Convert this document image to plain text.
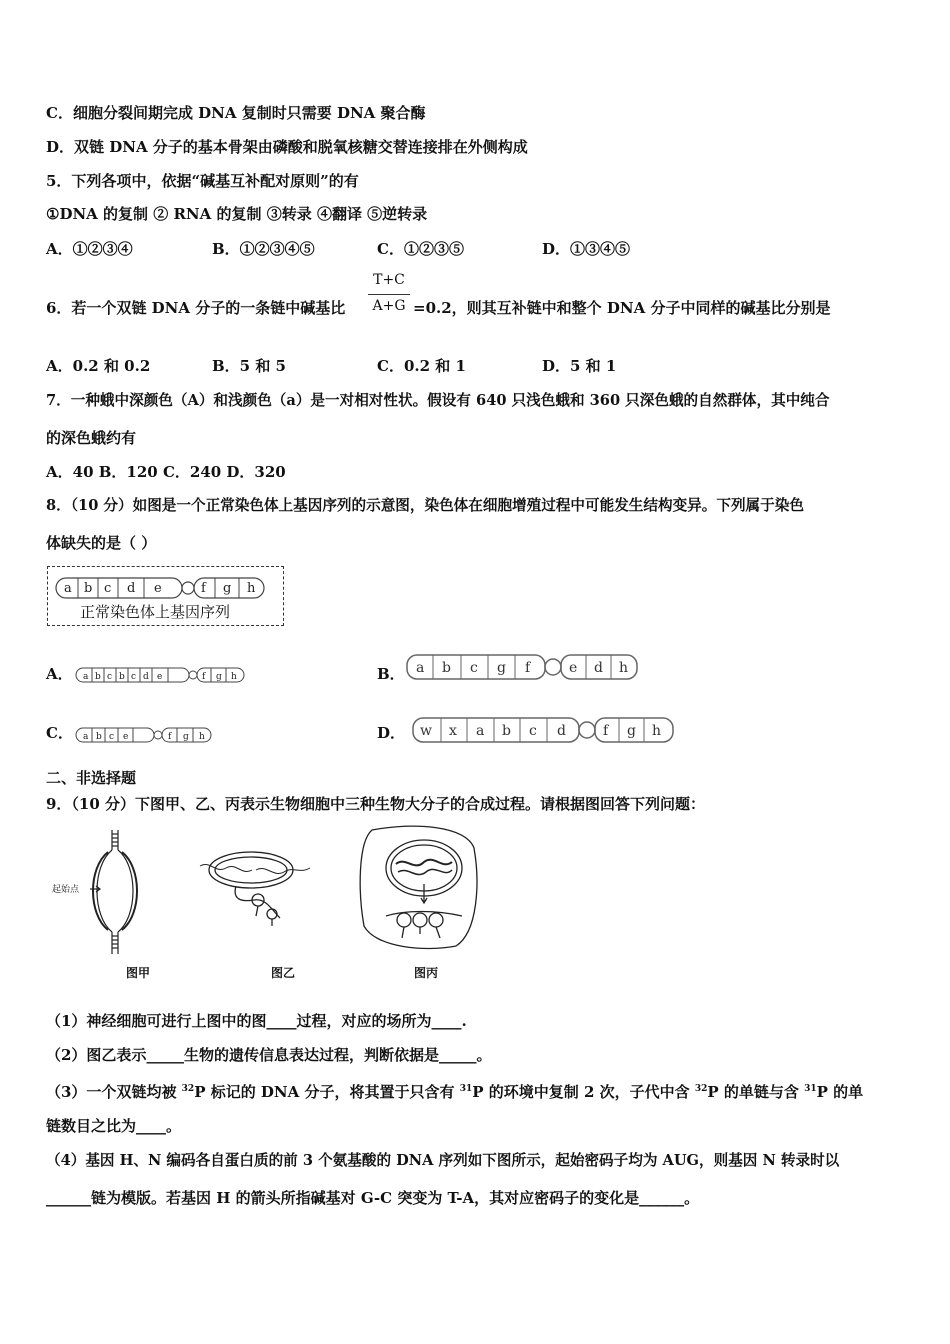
C．细胞分裂间期完成 DNA 复制时只需要 DNA 聚合酶
D．双链 DNA 分子的基本骨架由磷酸和脱氧核糖交替连接排在外侧构成
5．下列各项中，依据“碱基互补配对原则”的有
①DNA 的复制 ② RNA 的复制 ③转录 ④翻译 ⑤逆转录
A．①②③④	B．①②③④⑤	C．①②③⑤	D．①③④⑤
6．若一个双链 DNA 分子的一条链中碱基比
T+C
A+G =0.2，则其互补链中和整个 DNA 分子中同样的碱基比分别是
A．0.2 和 0.2	B．5 和 5	C．0.2 和 1	D．5 和 1
7．一种蛾中深颜色（A）和浅颜色（a）是一对相对性状。假设有 640 只浅色蛾和 360 只深色蛾的自然群体，其中纯合
的深色蛾约有
A．40 B．120 C．240 D．320
8．（10 分）如图是一个正常染色体上基因序列的示意图，染色体在细胞增殖过程中可能发生结构变异。下列属于染色
体缺失的是（ ）
a b c d e	f g h
正常染色体上基因序列
A． a b c b c d e	f g h	B． a b c g f	e d h
C． a b c e	f g h	D． w x a b c d	f g h
二、非选择题
9．（10 分）下图甲、乙、丙表示生物细胞中三种生物大分子的合成过程。请根据图回答下列问题：
起始点
图甲	图乙	图丙
（1）神经细胞可进行上图中的图____过程，对应的场所为____.
（2）图乙表示_____生物的遗传信息表达过程，判断依据是_____。
（3）一个双链均被 $^{32}$P 标记的 DNA 分子，将其置于只含有 $^{31}$P 的环境中复制 2 次，子代中含 $^{32}$P 的单链与含 $^{31}$P 的单
链数目之比为____。
（4）基因 H、N 编码各自蛋白质的前 3 个氨基酸的 DNA 序列如下图所示，起始密码子均为 AUG，则基因 N 转录时以
______链为模版。若基因 H 的箭头所指碱基对 G-C 突变为 T-A，其对应密码子的变化是______。
